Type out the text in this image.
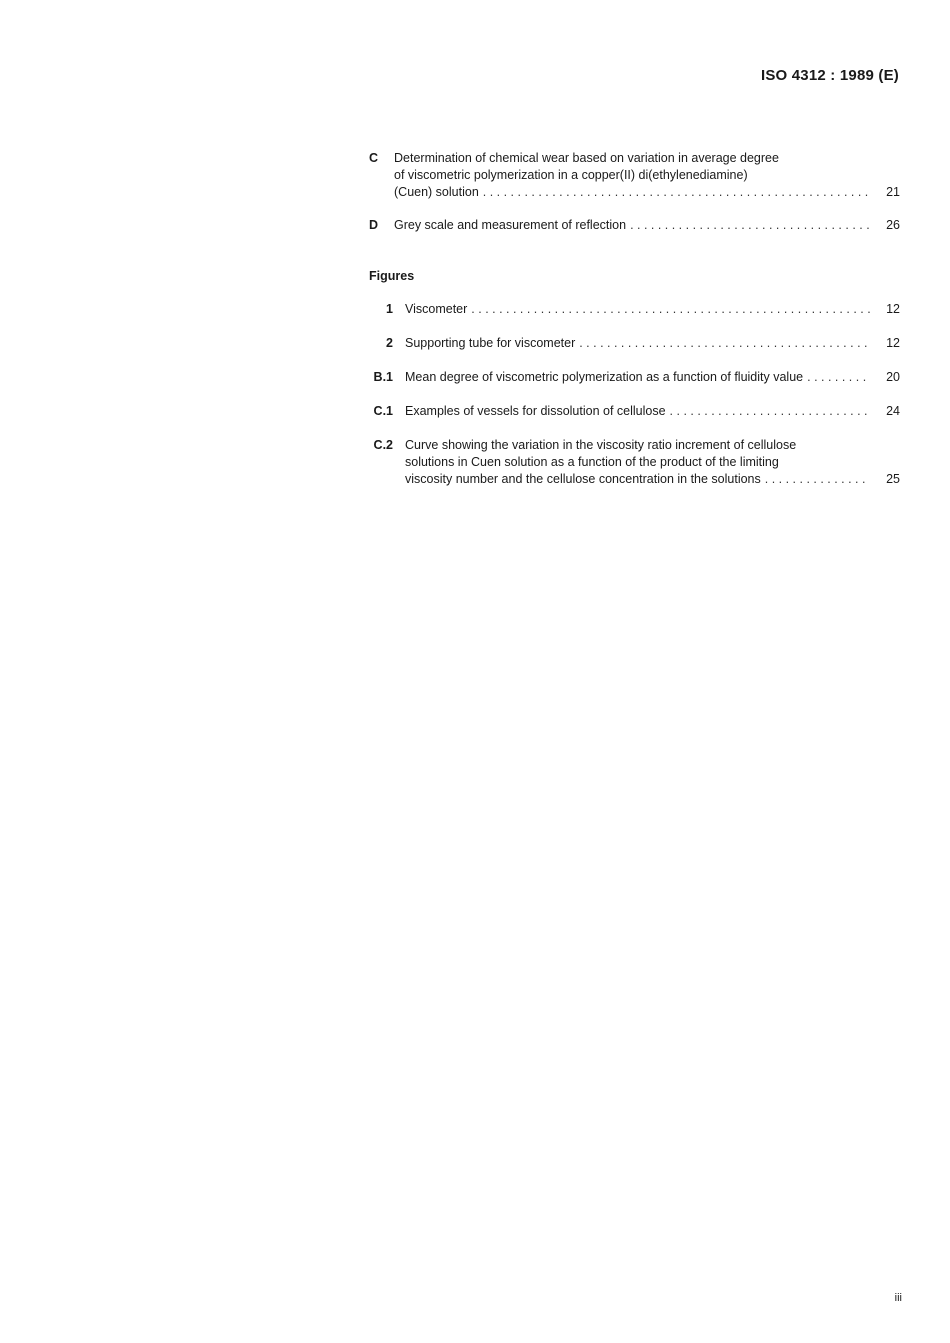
ISO 4312 : 1989 (E)
C	Determination of chemical wear based on variation in average degree
of viscometric polymerization in a copper(II) di(ethylenediamine)
(Cuen) solution . . .	21
D	Grey scale and measurement of reflection . . .	26
Figures
1 Viscometer . . .	12
2 Supporting tube for viscometer . . .	12
B.1 Mean degree of viscometric polymerization as a function of fluidity value . . .	20
C.1 Examples of vessels for dissolution of cellulose . . .	24
C.2 Curve showing the variation in the viscosity ratio increment of cellulose
solutions in Cuen solution as a function of the product of the limiting
viscosity number and the cellulose concentration in the solutions . . .	25
iii
